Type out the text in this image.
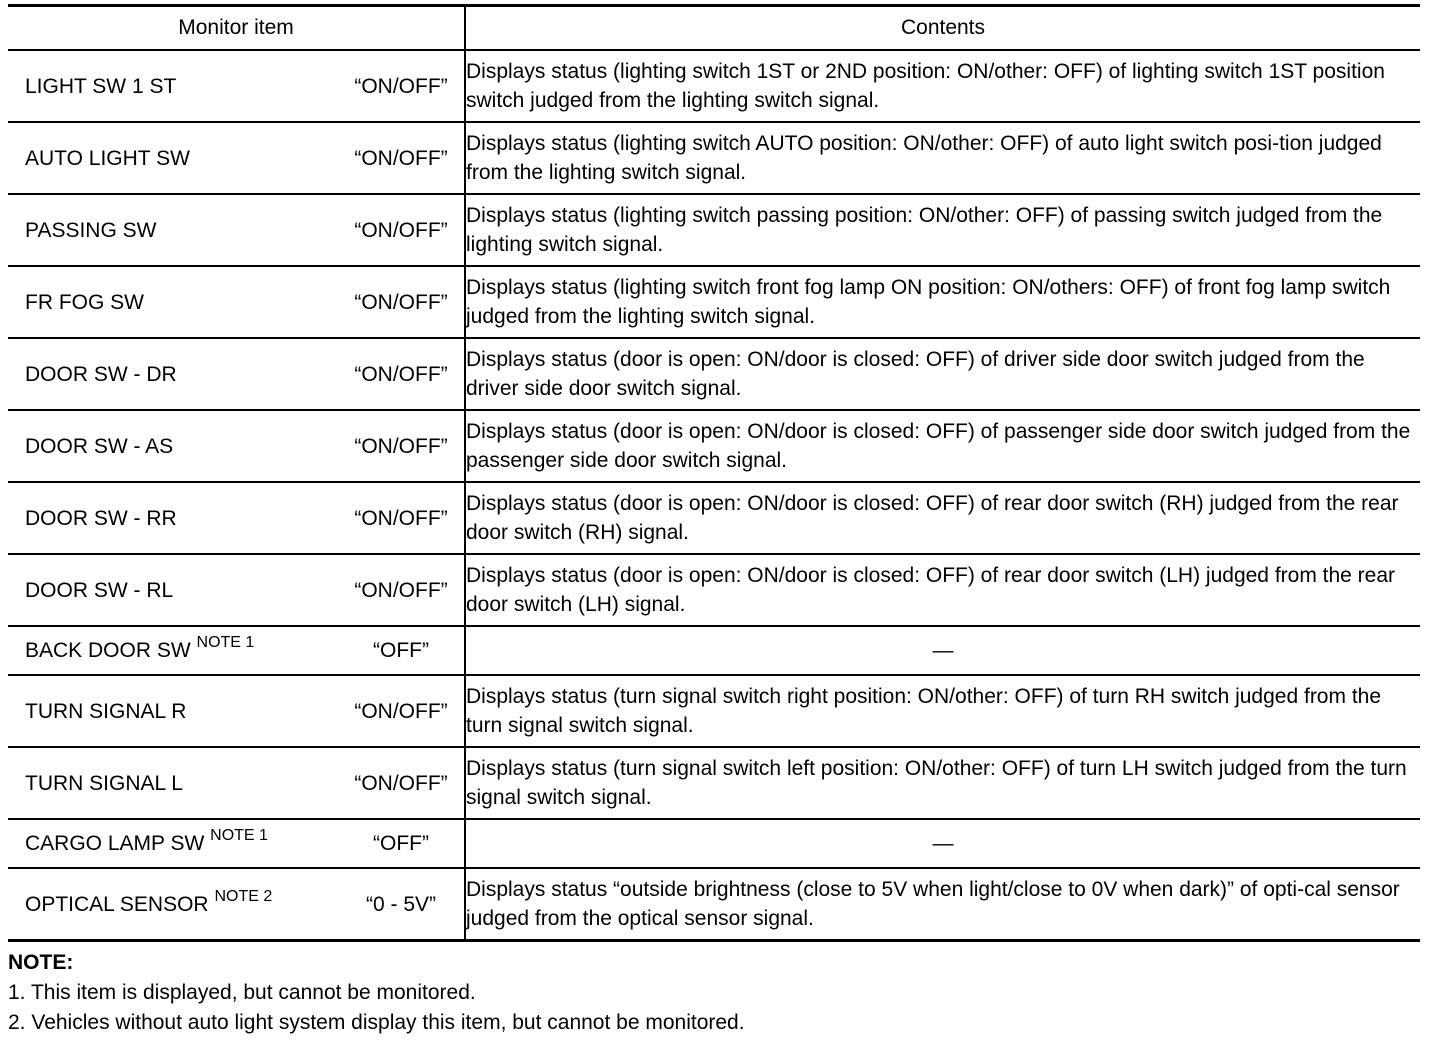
Monitor item	Contents

LIGHT SW 1 ST “ON/OFF”	Displays status (lighting switch 1ST or 2ND position: ON/other: OFF) of lighting switch 1ST position switch judged from the lighting switch signal.

AUTO LIGHT SW “ON/OFF”	Displays status (lighting switch AUTO position: ON/other: OFF) of auto light switch posi-tion judged from the lighting switch signal.

PASSING SW “ON/OFF”	Displays status (lighting switch passing position: ON/other: OFF) of passing switch judged from the lighting switch signal.

FR FOG SW “ON/OFF”	Displays status (lighting switch front fog lamp ON position: ON/others: OFF) of front fog lamp switch judged from the lighting switch signal.

DOOR SW - DR “ON/OFF”	Displays status (door is open: ON/door is closed: OFF) of driver side door switch judged from the driver side door switch signal.

DOOR SW - AS “ON/OFF”	Displays status (door is open: ON/door is closed: OFF) of passenger side door switch judged from the passenger side door switch signal.

DOOR SW - RR “ON/OFF”	Displays status (door is open: ON/door is closed: OFF) of rear door switch (RH) judged from the rear door switch (RH) signal.

DOOR SW - RL “ON/OFF”	Displays status (door is open: ON/door is closed: OFF) of rear door switch (LH) judged from the rear door switch (LH) signal.

BACK DOOR SW $^{NOTE 1}$ “OFF”	—

TURN SIGNAL R “ON/OFF”	Displays status (turn signal switch right position: ON/other: OFF) of turn RH switch judged from the turn signal switch signal.

TURN SIGNAL L “ON/OFF”	Displays status (turn signal switch left position: ON/other: OFF) of turn LH switch judged from the turn signal switch signal.

CARGO LAMP SW $^{NOTE 1}$ “OFF”	—

OPTICAL SENSOR $^{NOTE 2}$ “0 - 5V”	Displays status “outside brightness (close to 5V when light/close to 0V when dark)” of opti-cal sensor judged from the optical sensor signal.
NOTE:
1. This item is displayed, but cannot be monitored.
2. Vehicles without auto light system display this item, but cannot be monitored.
